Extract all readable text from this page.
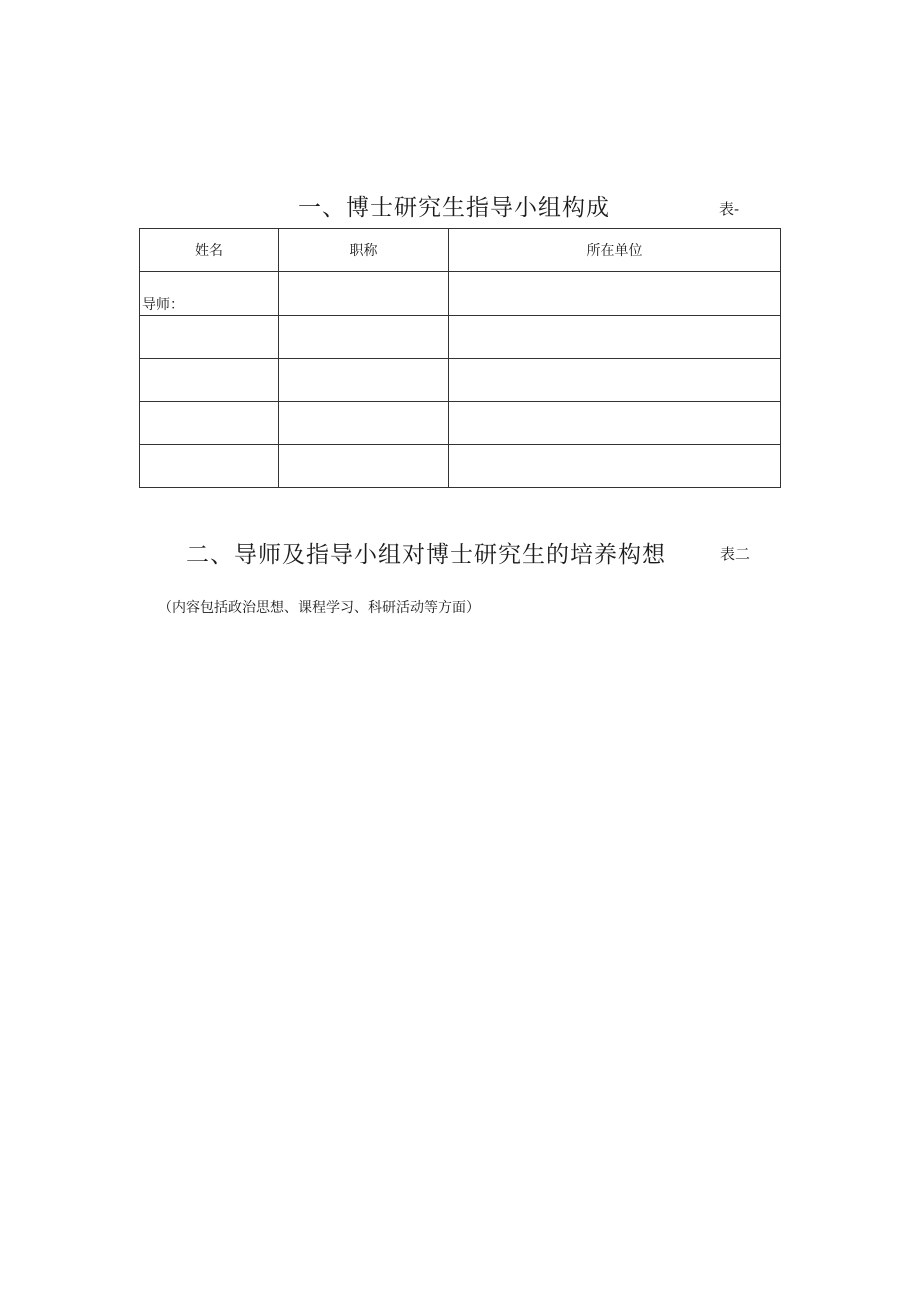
一、博士研究生指导小组构成	表-
姓名	职称	所在单位
导师：		

二、导师及指导小组对博士研究生的培养构想	表二
（内容包括政治思想、课程学习、科研活动等方面）
